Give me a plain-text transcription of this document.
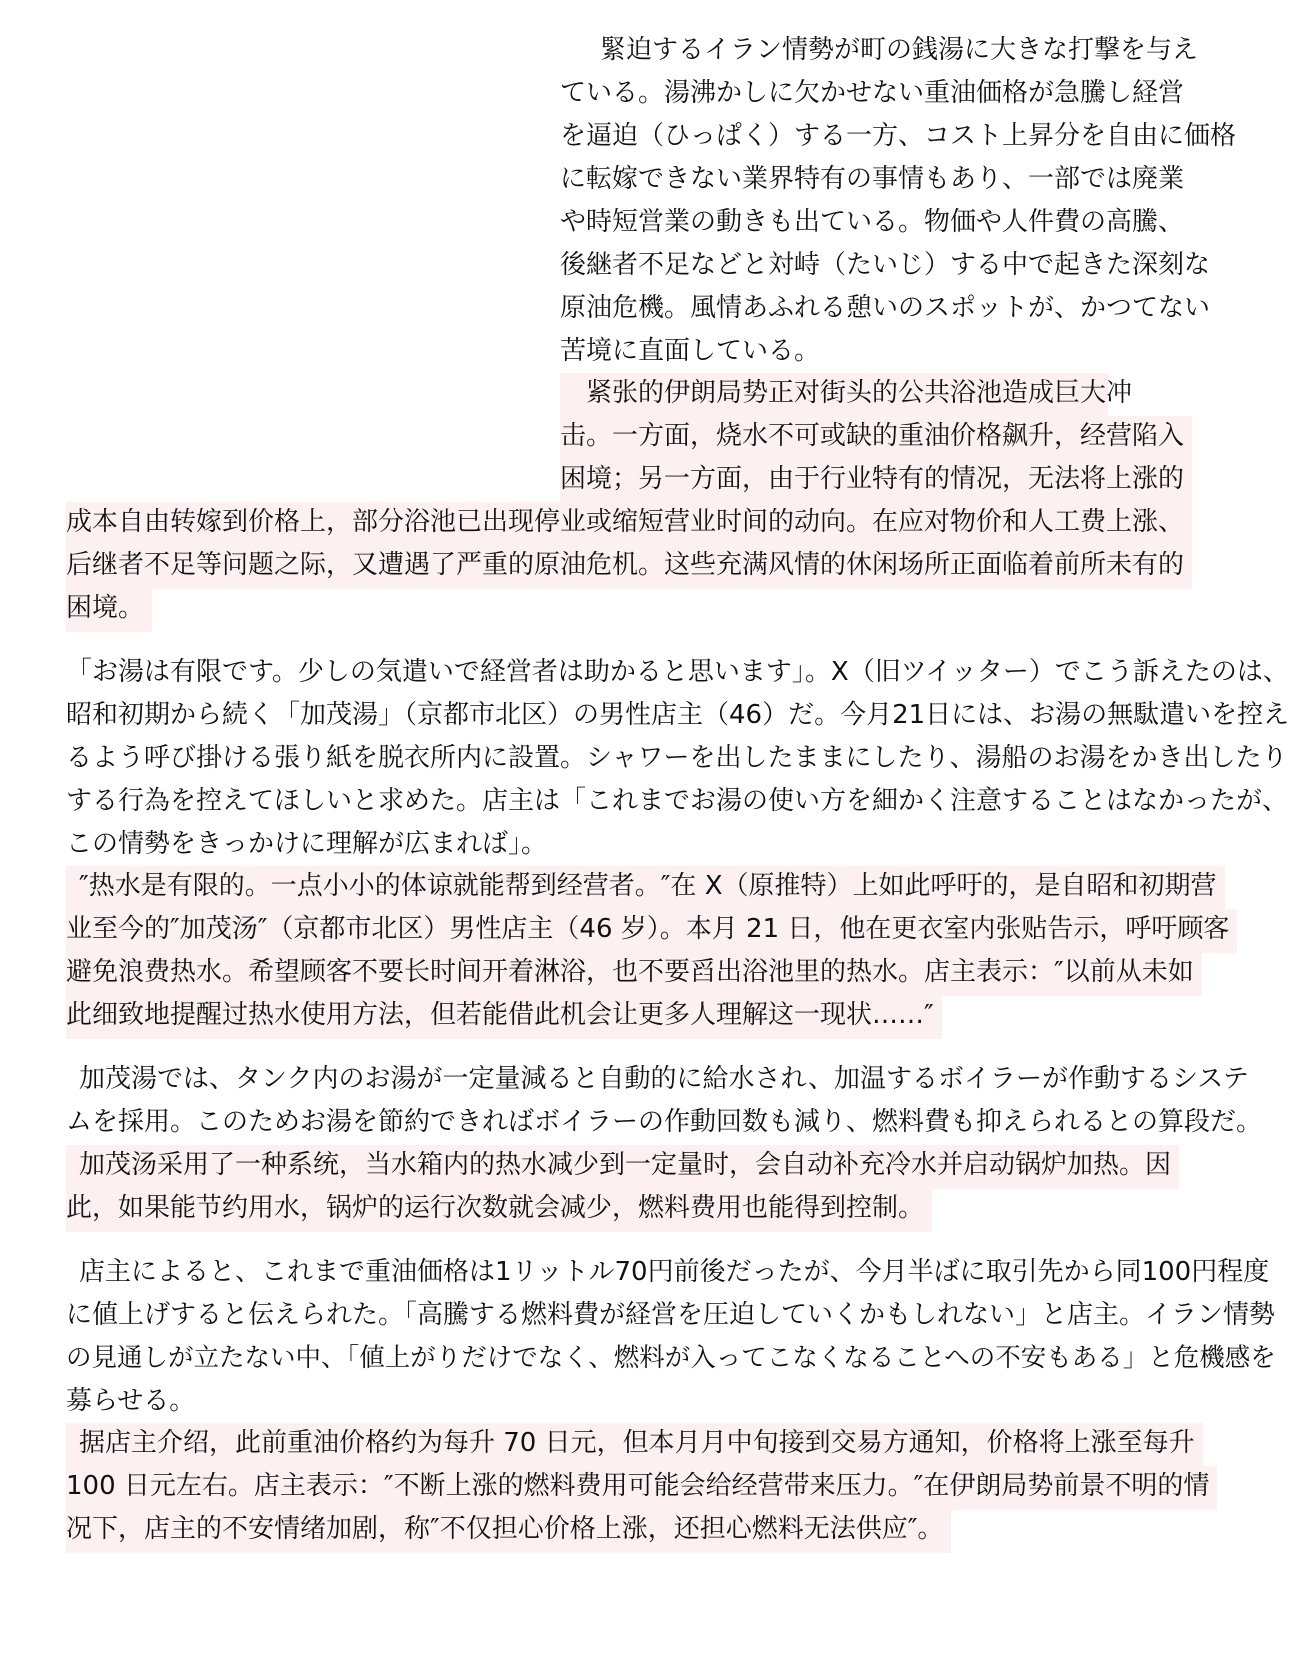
 緊迫するイラン情勢が町の銭湯に大きな打撃を与え
ている。湯沸かしに欠かせない重油価格が急騰し経営
を逼迫（ひっぱく）する一方、コスト上昇分を自由に価格
に転嫁できない業界特有の事情もあり、一部では廃業
や時短営業の動きも出ている。物価や人件費の高騰、
後継者不足などと対峙（たいじ）する中で起きた深刻な
原油危機。風情あふれる憩いのスポットが、かつてない
苦境に直面している。
 紧张的伊朗局势正对街头的公共浴池造成巨大冲
击。一方面，烧水不可或缺的重油价格飙升，经营陷入
困境；另一方面，由于行业特有的情况，无法将上涨的
成本自由转嫁到价格上，部分浴池已出现停业或缩短营业时间的动向。在应对物价和人工费上涨、
后继者不足等问题之际，又遭遇了严重的原油危机。这些充满风情的休闲场所正面临着前所未有的
困境。
「お湯は有限です。少しの気遣いで経営者は助かると思います」。X（旧ツイッター）でこう訴えたのは、
昭和初期から続く「加茂湯」（京都市北区）の男性店主（46）だ。今月21日には、お湯の無駄遣いを控え
るよう呼び掛ける張り紙を脱衣所内に設置。シャワーを出したままにしたり、湯船のお湯をかき出したり
する行為を控えてほしいと求めた。店主は「これまでお湯の使い方を細かく注意することはなかったが、
この情勢をきっかけに理解が広まれば」。
 ″热水是有限的。一点小小的体谅就能帮到经营者。″在 X（原推特）上如此呼吁的，是自昭和初期营
业至今的″加茂汤″（京都市北区）男性店主（46 岁）。本月 21 日，他在更衣室内张贴告示，呼吁顾客
避免浪费热水。希望顾客不要长时间开着淋浴，也不要舀出浴池里的热水。店主表示：″以前从未如
此细致地提醒过热水使用方法，但若能借此机会让更多人理解这一现状……″
 加茂湯では、タンク内のお湯が一定量減ると自動的に給水され、加温するボイラーが作動するシステ
ムを採用。このためお湯を節約できればボイラーの作動回数も減り、燃料費も抑えられるとの算段だ。
 加茂汤采用了一种系统，当水箱内的热水减少到一定量时，会自动补充冷水并启动锅炉加热。因
此，如果能节约用水，锅炉的运行次数就会减少，燃料费用也能得到控制。
 店主によると、これまで重油価格は1リットル70円前後だったが、今月半ばに取引先から同100円程度
に値上げすると伝えられた。「高騰する燃料費が経営を圧迫していくかもしれない」と店主。イラン情勢
の見通しが立たない中、「値上がりだけでなく、燃料が入ってこなくなることへの不安もある」と危機感を
募らせる。
 据店主介绍，此前重油价格约为每升 70 日元，但本月月中旬接到交易方通知，价格将上涨至每升
100 日元左右。店主表示：″不断上涨的燃料费用可能会给经营带来压力。″在伊朗局势前景不明的情
况下，店主的不安情绪加剧，称″不仅担心价格上涨，还担心燃料无法供应″。
